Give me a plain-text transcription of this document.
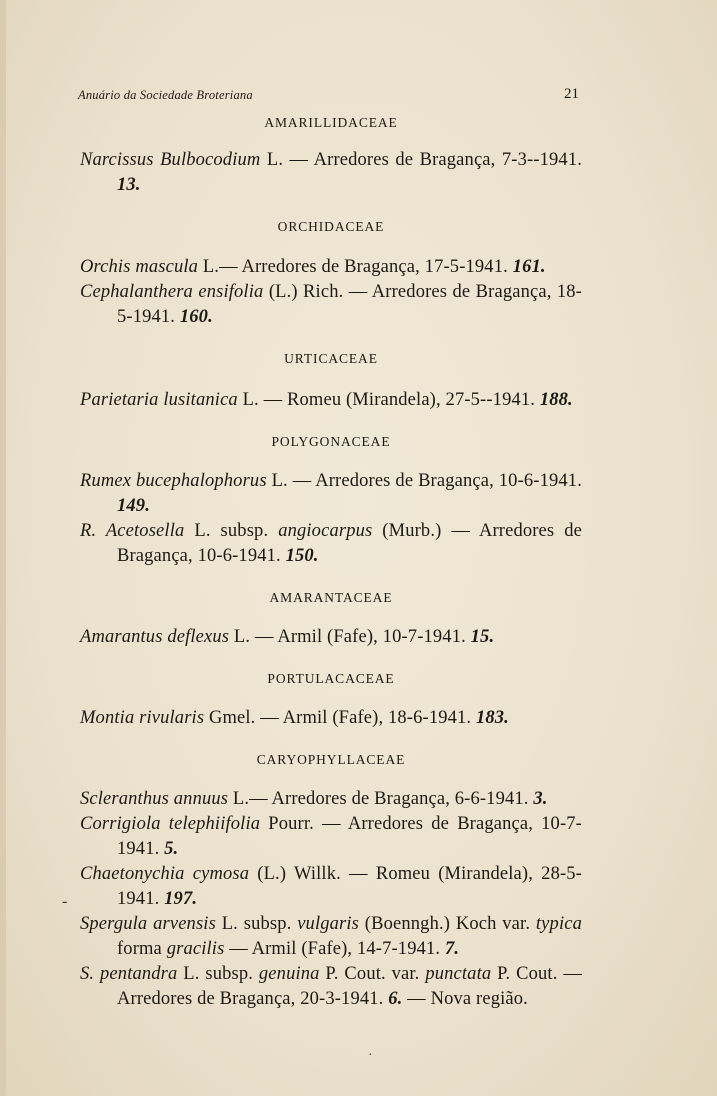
Anuário da Sociedade Broteriana	21

AMARILLIDACEAE

Narcissus Bulbocodium L. — Arredores de Bragança, 7-3--1941. 13.

ORCHIDACEAE

Orchis mascula L.— Arredores de Bragança, 17-5-1941. 161.

Cephalanthera ensifolia (L.) Rich. — Arredores de Bragança, 18-5-1941. 160.

URTICACEAE

Parietaria lusitanica L. — Romeu (Mirandela), 27-5--1941. 188.

POLYGONACEAE

Rumex bucephalophorus L. — Arredores de Bragança, 10-6-1941. 149.

R. Acetosella L. subsp. angiocarpus (Murb.) — Arredores de Bragança, 10-6-1941. 150.

AMARANTACEAE

Amarantus deflexus L. — Armil (Fafe), 10-7-1941. 15.

PORTULACACEAE

Montia rivularis Gmel. — Armil (Fafe), 18-6-1941. 183.

CARYOPHYLLACEAE

Scleranthus annuus L.— Arredores de Bragança, 6-6-1941. 3.

Corrigiola telephiifolia Pourr. — Arredores de Bragança, 10-7-1941. 5.

Chaetonychia cymosa (L.) Willk. — Romeu (Mirandela), 28-5-1941. 197.

Spergula arvensis L. subsp. vulgaris (Boenngh.) Koch var. typica forma gracilis — Armil (Fafe), 14-7-1941. 7.

S. pentandra L. subsp. genuina P. Cout. var. punctata P. Cout. — Arredores de Bragança, 20-3-1941. 6. — Nova região.

-
·
